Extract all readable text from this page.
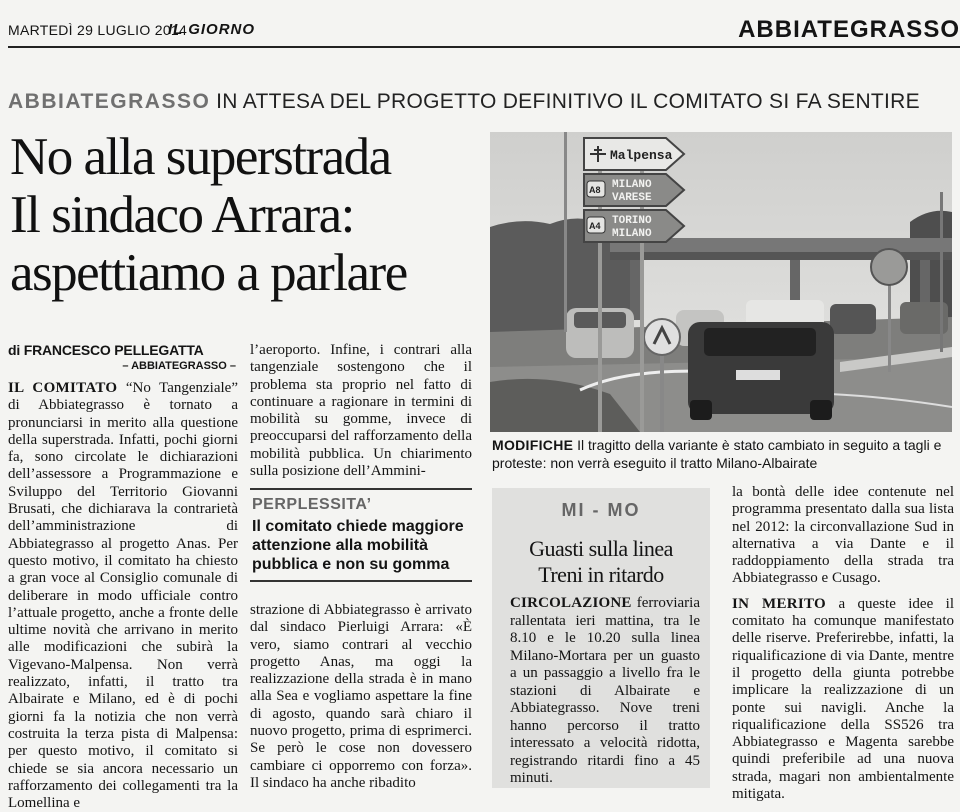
MARTEDÌ 29 LUGLIO 2014
IL GIORNO	ABBIATEGRASSO
ABBIATEGRASSO IN ATTESA DEL PROGETTO DEFINITIVO IL COMITATO SI FA SENTIRE
No alla superstrada
Il sindaco Arrara:
aspettiamo a parlare
di FRANCESCO PELLEGATTA
– ABBIATEGRASSO –

IL COMITATO “No Tangenziale” di Abbiategrasso è tornato a pronunciarsi in merito alla questione della superstrada. Infatti, pochi giorni fa, sono circolate le dichiarazioni dell’assessore a Programmazione e Sviluppo del Territorio Giovanni Brusati, che dichiarava la contrarietà dell’amministrazione di Abbiategrasso al progetto Anas. Per questo motivo, il comitato ha chiesto a gran voce al Consiglio comunale di deliberare in modo ufficiale contro l’attuale progetto, anche a fronte delle ultime novità che arrivano in merito alle modificazioni che subirà la Vigevano-Malpensa. Non verrà realizzato, infatti, il tratto tra Albairate e Milano, ed è di pochi giorni fa la notizia che non verrà costruita la terza pista di Malpensa: per questo motivo, il comitato si chiede se sia ancora necessario un rafforzamento dei collegamenti tra la Lomellina e

l’aeroporto. Infine, i contrari alla tangenziale sostengono che il problema sta proprio nel fatto di continuare a ragionare in termini di mobilità su gomme, invece di preoccuparsi del rafforzamento della mobilità pubblica. Un chiarimento sulla posizione dell’Ammini-

PERPLESSITA’
Il comitato chiede maggiore attenzione alla mobilità pubblica e non su gomma

strazione di Abbiategrasso è arrivato dal sindaco Pierluigi Arrara: «È vero, siamo contrari al vecchio progetto Anas, ma oggi la realizzazione della strada è in mano alla Sea e vogliamo aspettare la fine di agosto, quando sarà chiaro il nuovo progetto, prima di esprimerci. Se però le cose non dovessero cambiare ci opporremo con forza». Il sindaco ha anche ribadito

Malpensa
A8 MILANO
VARESE
A4 TORINO
MILANO
MODIFICHE Il tragitto della variante è stato cambiato in seguito a tagli e proteste: non verrà eseguito il tratto Milano-Albairate
MI - MO
Guasti sulla linea
Treni in ritardo
CIRCOLAZIONE ferroviaria rallentata ieri mattina, tra le 8.10 e le 10.20 sulla linea Milano-Mortara per un guasto a un passaggio a livello fra le stazioni di Albairate e Abbiategrasso. Nove treni hanno percorso il tratto interessato a velocità ridotta, registrando ritardi fino a 45 minuti.

la bontà delle idee contenute nel programma presentato dalla sua lista nel 2012: la circonvallazione Sud in alternativa a via Dante e il raddoppiamento della strada tra Abbiategrasso e Cusago.

IN MERITO a queste idee il comitato ha comunque manifestato delle riserve. Preferirebbe, infatti, la riqualificazione di via Dante, mentre il progetto della giunta potrebbe implicare la realizzazione di un ponte sui navigli. Anche la riqualificazione della SS526 tra Abbiategrasso e Magenta sarebbe quindi preferibile ad una nuova strada, magari non ambientalmente mitigata.
